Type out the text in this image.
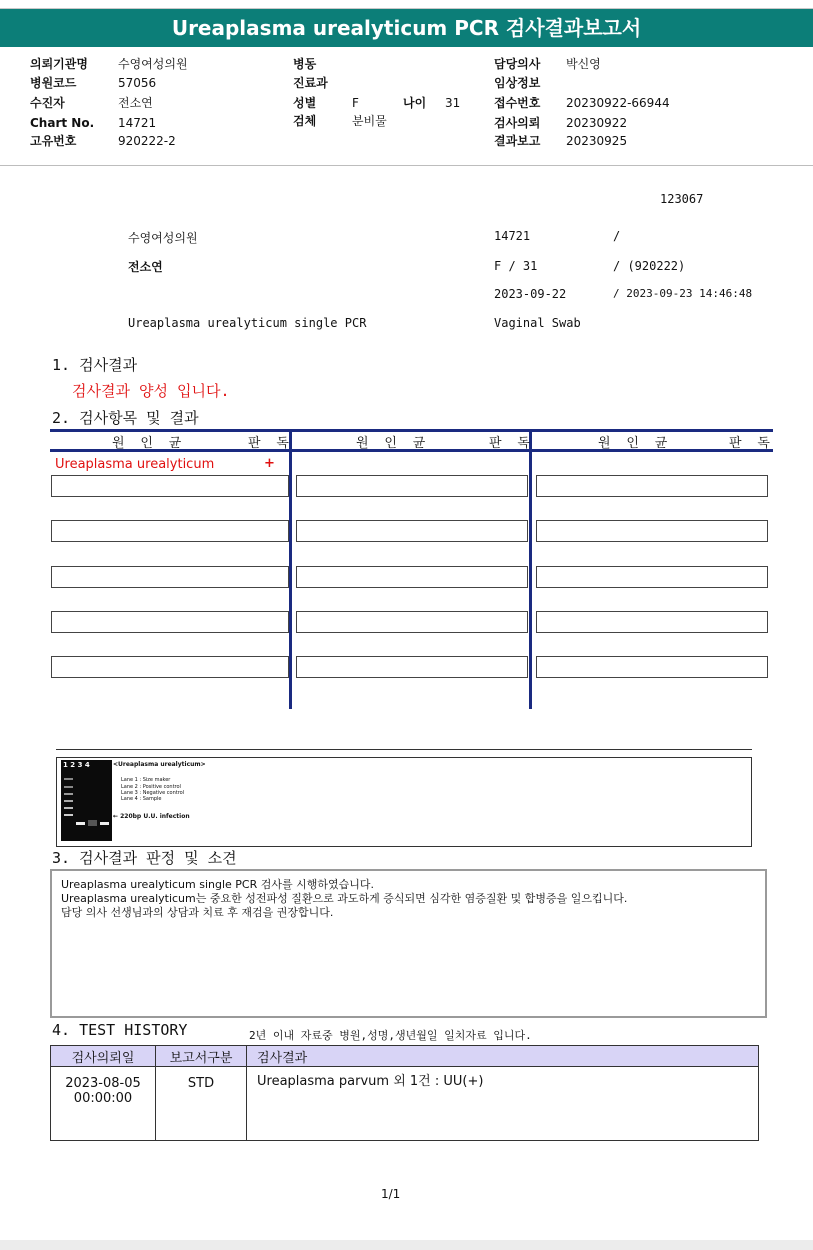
Ureaplasma urealyticum PCR 검사결과보고서
의뢰기관명	수영여성의원
병원코드	57056
수진자	전소연
Chart No. 14721
고유번호	920222-2
병동
진료과
성별	F	나이 31
검체	분비물
담당의사 박신영
임상정보
접수번호 20230922-66944
검사의뢰 20230922
결과보고 20230925
123067
수영여성의원	14721	/
전소연	F / 31	/ (920222)
2023-09-22	/ 2023-09-23 14:46:48
Ureaplasma urealyticum single PCR	Vaginal Swab
1. 검사결과
검사결과 양성 입니다.
2. 검사항목 및 결과
원 인 균	판 독	원 인 균	판 독	원 인 균	판 독
Ureaplasma urealyticum	+
1 2 3 4	<Ureaplasma urealyticum>
Lane 1 : Size maker
Lane 2 : Positive control
Lane 3 : Negative control
Lane 4 : Sample
← 220bp U.U. infection
3. 검사결과 판정 및 소견
Ureaplasma urealyticum single PCR 검사를 시행하였습니다.
Ureaplasma urealyticum는 중요한 성전파성 질환으로 과도하게 증식되면 심각한 염증질환 및 합병증을 일으킵니다.
담당 의사 선생님과의 상담과 치료 후 재검을 권장합니다.
4. TEST HISTORY	2년 이내 자료중 병원,성명,생년월일 일치자료 입니다.
검사의뢰일	보고서구분	검사결과

2023-08-05
00:00:00	STD	Ureaplasma parvum 외 1건 : UU(+)
1/1
